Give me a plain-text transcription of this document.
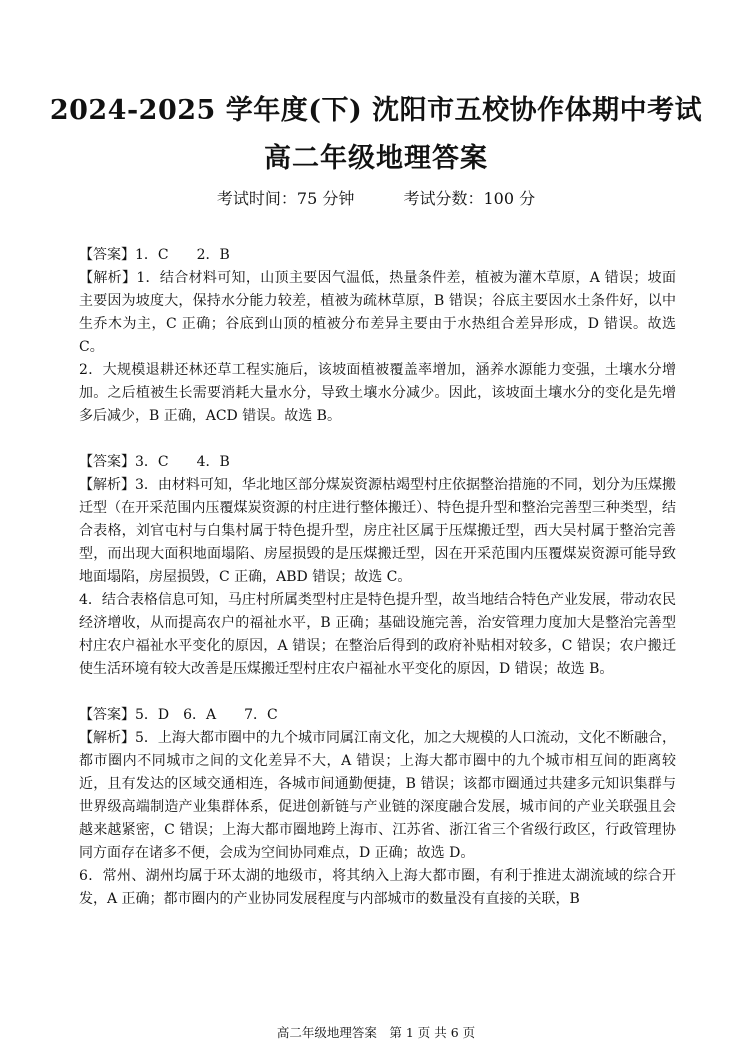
2024-2025 学年度(下) 沈阳市五校协作体期中考试
高二年级地理答案
考试时间：75 分钟	考试分数：100 分

【答案】1．C　　2．B

【解析】1．结合材料可知，山顶主要因气温低，热量条件差，植被为灌木草原，A 错误；坡面主要因为坡度大，保持水分能力较差，植被为疏林草原，B 错误；谷底主要因水土条件好，以中生乔木为主，C 正确；谷底到山顶的植被分布差异主要由于水热组合差异形成，D 错误。故选 C。

2．大规模退耕还林还草工程实施后，该坡面植被覆盖率增加，涵养水源能力变强，土壤水分增加。之后植被生长需要消耗大量水分，导致土壤水分减少。因此，该坡面土壤水分的变化是先增多后减少，B 正确，ACD 错误。故选 B。

【答案】3．C　　4．B

【解析】3．由材料可知，华北地区部分煤炭资源枯竭型村庄依据整治措施的不同，划分为压煤搬迁型（在开采范围内压覆煤炭资源的村庄进行整体搬迁）、特色提升型和整治完善型三种类型，结合表格，刘官屯村与白集村属于特色提升型，房庄社区属于压煤搬迁型，西大吴村属于整治完善型，而出现大面积地面塌陷、房屋损毁的是压煤搬迁型，因在开采范围内压覆煤炭资源可能导致地面塌陷，房屋损毁，C 正确，ABD 错误；故选 C。

4．结合表格信息可知，马庄村所属类型村庄是特色提升型，故当地结合特色产业发展，带动农民经济增收，从而提高农户的福祉水平，B 正确；基础设施完善，治安管理力度加大是整治完善型村庄农户福祉水平变化的原因，A 错误；在整治后得到的政府补贴相对较多，C 错误；农户搬迁使生活环境有较大改善是压煤搬迁型村庄农户福祉水平变化的原因，D 错误；故选 B。

【答案】5．D　6．A　　7．C

【解析】5．上海大都市圈中的九个城市同属江南文化，加之大规模的人口流动，文化不断融合，都市圈内不同城市之间的文化差异不大，A 错误；上海大都市圈中的九个城市相互间的距离较近，且有发达的区域交通相连，各城市间通勤便捷，B 错误；该都市圈通过共建多元知识集群与世界级高端制造产业集群体系，促进创新链与产业链的深度融合发展，城市间的产业关联强且会越来越紧密，C 错误；上海大都市圈地跨上海市、江苏省、浙江省三个省级行政区，行政管理协同方面存在诸多不便，会成为空间协同难点，D 正确；故选 D。

6．常州、湖州均属于环太湖的地级市，将其纳入上海大都市圈，有利于推进太湖流域的综合开发，A 正确；都市圈内的产业协同发展程度与内部城市的数量没有直接的关联，B

高二年级地理答案　第 1 页 共 6 页
